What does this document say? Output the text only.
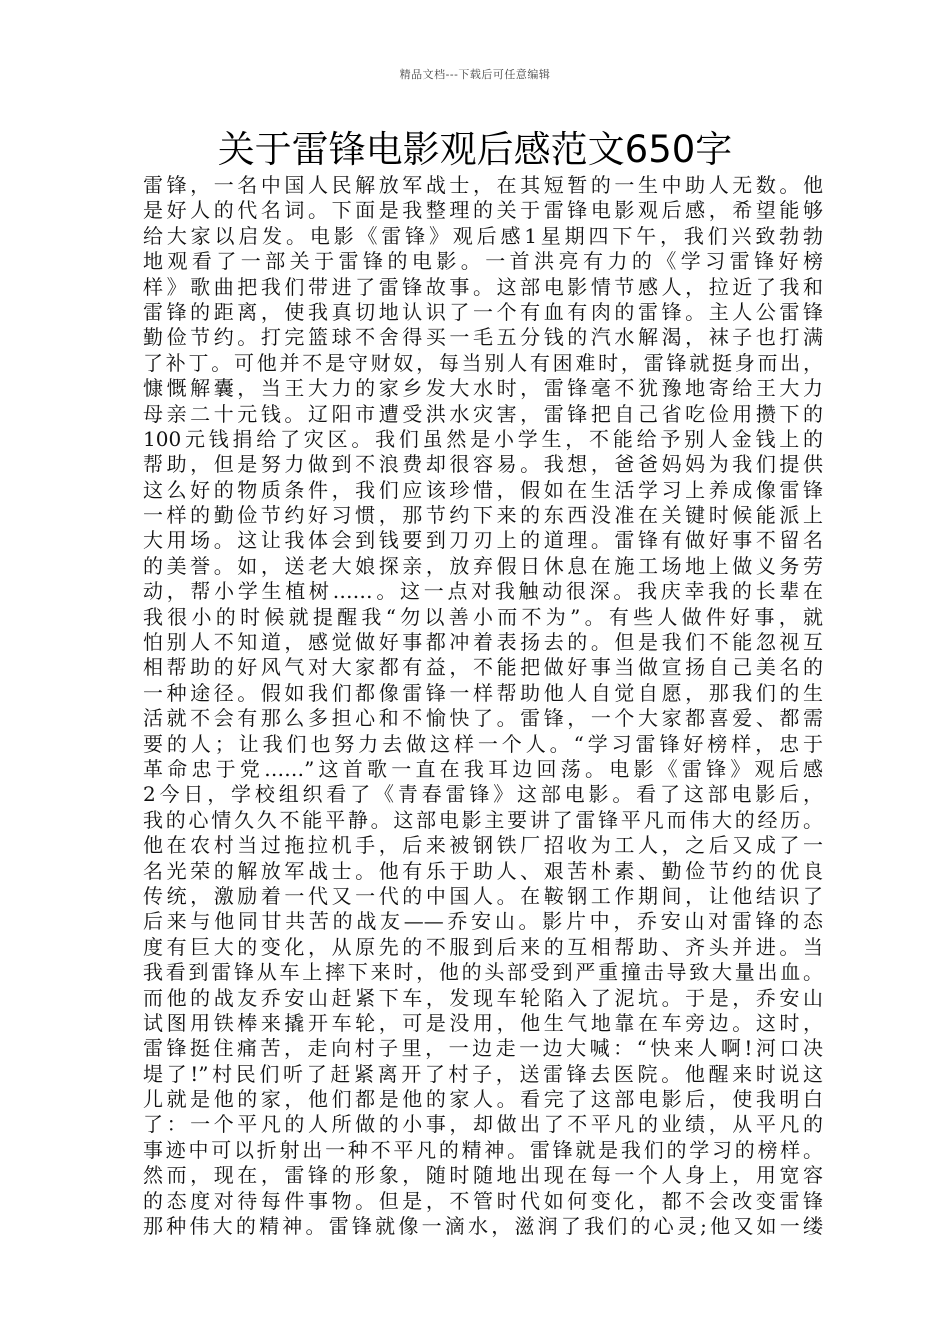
精品文档---下载后可任意编辑
关于雷锋电影观后感范文650字
雷锋，一名中国人民解放军战士，在其短暂的一生中助人无数。他
是好人的代名词。下面是我整理的关于雷锋电影观后感，希望能够
给大家以启发。电影《雷锋》观后感1星期四下午，我们兴致勃勃
地观看了一部关于雷锋的电影。一首洪亮有力的《学习雷锋好榜
样》歌曲把我们带进了雷锋故事。这部电影情节感人，拉近了我和
雷锋的距离，使我真切地认识了一个有血有肉的雷锋。主人公雷锋
勤俭节约。打完篮球不舍得买一毛五分钱的汽水解渴，袜子也打满
了补丁。可他并不是守财奴，每当别人有困难时，雷锋就挺身而出，
慷慨解囊，当王大力的家乡发大水时，雷锋毫不犹豫地寄给王大力
母亲二十元钱。辽阳市遭受洪水灾害，雷锋把自己省吃俭用攒下的
100元钱捐给了灾区。我们虽然是小学生，不能给予别人金钱上的
帮助，但是努力做到不浪费却很容易。我想，爸爸妈妈为我们提供
这么好的物质条件，我们应该珍惜，假如在生活学习上养成像雷锋
一样的勤俭节约好习惯，那节约下来的东西没准在关键时候能派上
大用场。这让我体会到钱要到刀刃上的道理。雷锋有做好事不留名
的美誉。如，送老大娘探亲，放弃假日休息在施工场地上做义务劳
动，帮小学生植树……。这一点对我触动很深。我庆幸我的长辈在
我很小的时候就提醒我“勿以善小而不为”。有些人做件好事，就
怕别人不知道，感觉做好事都冲着表扬去的。但是我们不能忽视互
相帮助的好风气对大家都有益，不能把做好事当做宣扬自己美名的
一种途径。假如我们都像雷锋一样帮助他人自觉自愿，那我们的生
活就不会有那么多担心和不愉快了。雷锋，一个大家都喜爱、都需
要的人；让我们也努力去做这样一个人。“学习雷锋好榜样，忠于
革命忠于党……”这首歌一直在我耳边回荡。电影《雷锋》观后感
2今日，学校组织看了《青春雷锋》这部电影。看了这部电影后，
我的心情久久不能平静。这部电影主要讲了雷锋平凡而伟大的经历。
他在农村当过拖拉机手，后来被钢铁厂招收为工人，之后又成了一
名光荣的解放军战士。他有乐于助人、艰苦朴素、勤俭节约的优良
传统，激励着一代又一代的中国人。在鞍钢工作期间，让他结识了
后来与他同甘共苦的战友——乔安山。影片中，乔安山对雷锋的态
度有巨大的变化，从原先的不服到后来的互相帮助、齐头并进。当
我看到雷锋从车上摔下来时，他的头部受到严重撞击导致大量出血。
而他的战友乔安山赶紧下车，发现车轮陷入了泥坑。于是，乔安山
试图用铁棒来撬开车轮，可是没用，他生气地靠在车旁边。这时，
雷锋挺住痛苦，走向村子里，一边走一边大喊：“快来人啊!河口决
堤了!”村民们听了赶紧离开了村子，送雷锋去医院。他醒来时说这
儿就是他的家，他们都是他的家人。看完了这部电影后，使我明白
了：一个平凡的人所做的小事，却做出了不平凡的业绩，从平凡的
事迹中可以折射出一种不平凡的精神。雷锋就是我们的学习的榜样。
然而，现在，雷锋的形象，随时随地出现在每一个人身上，用宽容
的态度对待每件事物。但是，不管时代如何变化，都不会改变雷锋
那种伟大的精神。雷锋就像一滴水，滋润了我们的心灵;他又如一缕
